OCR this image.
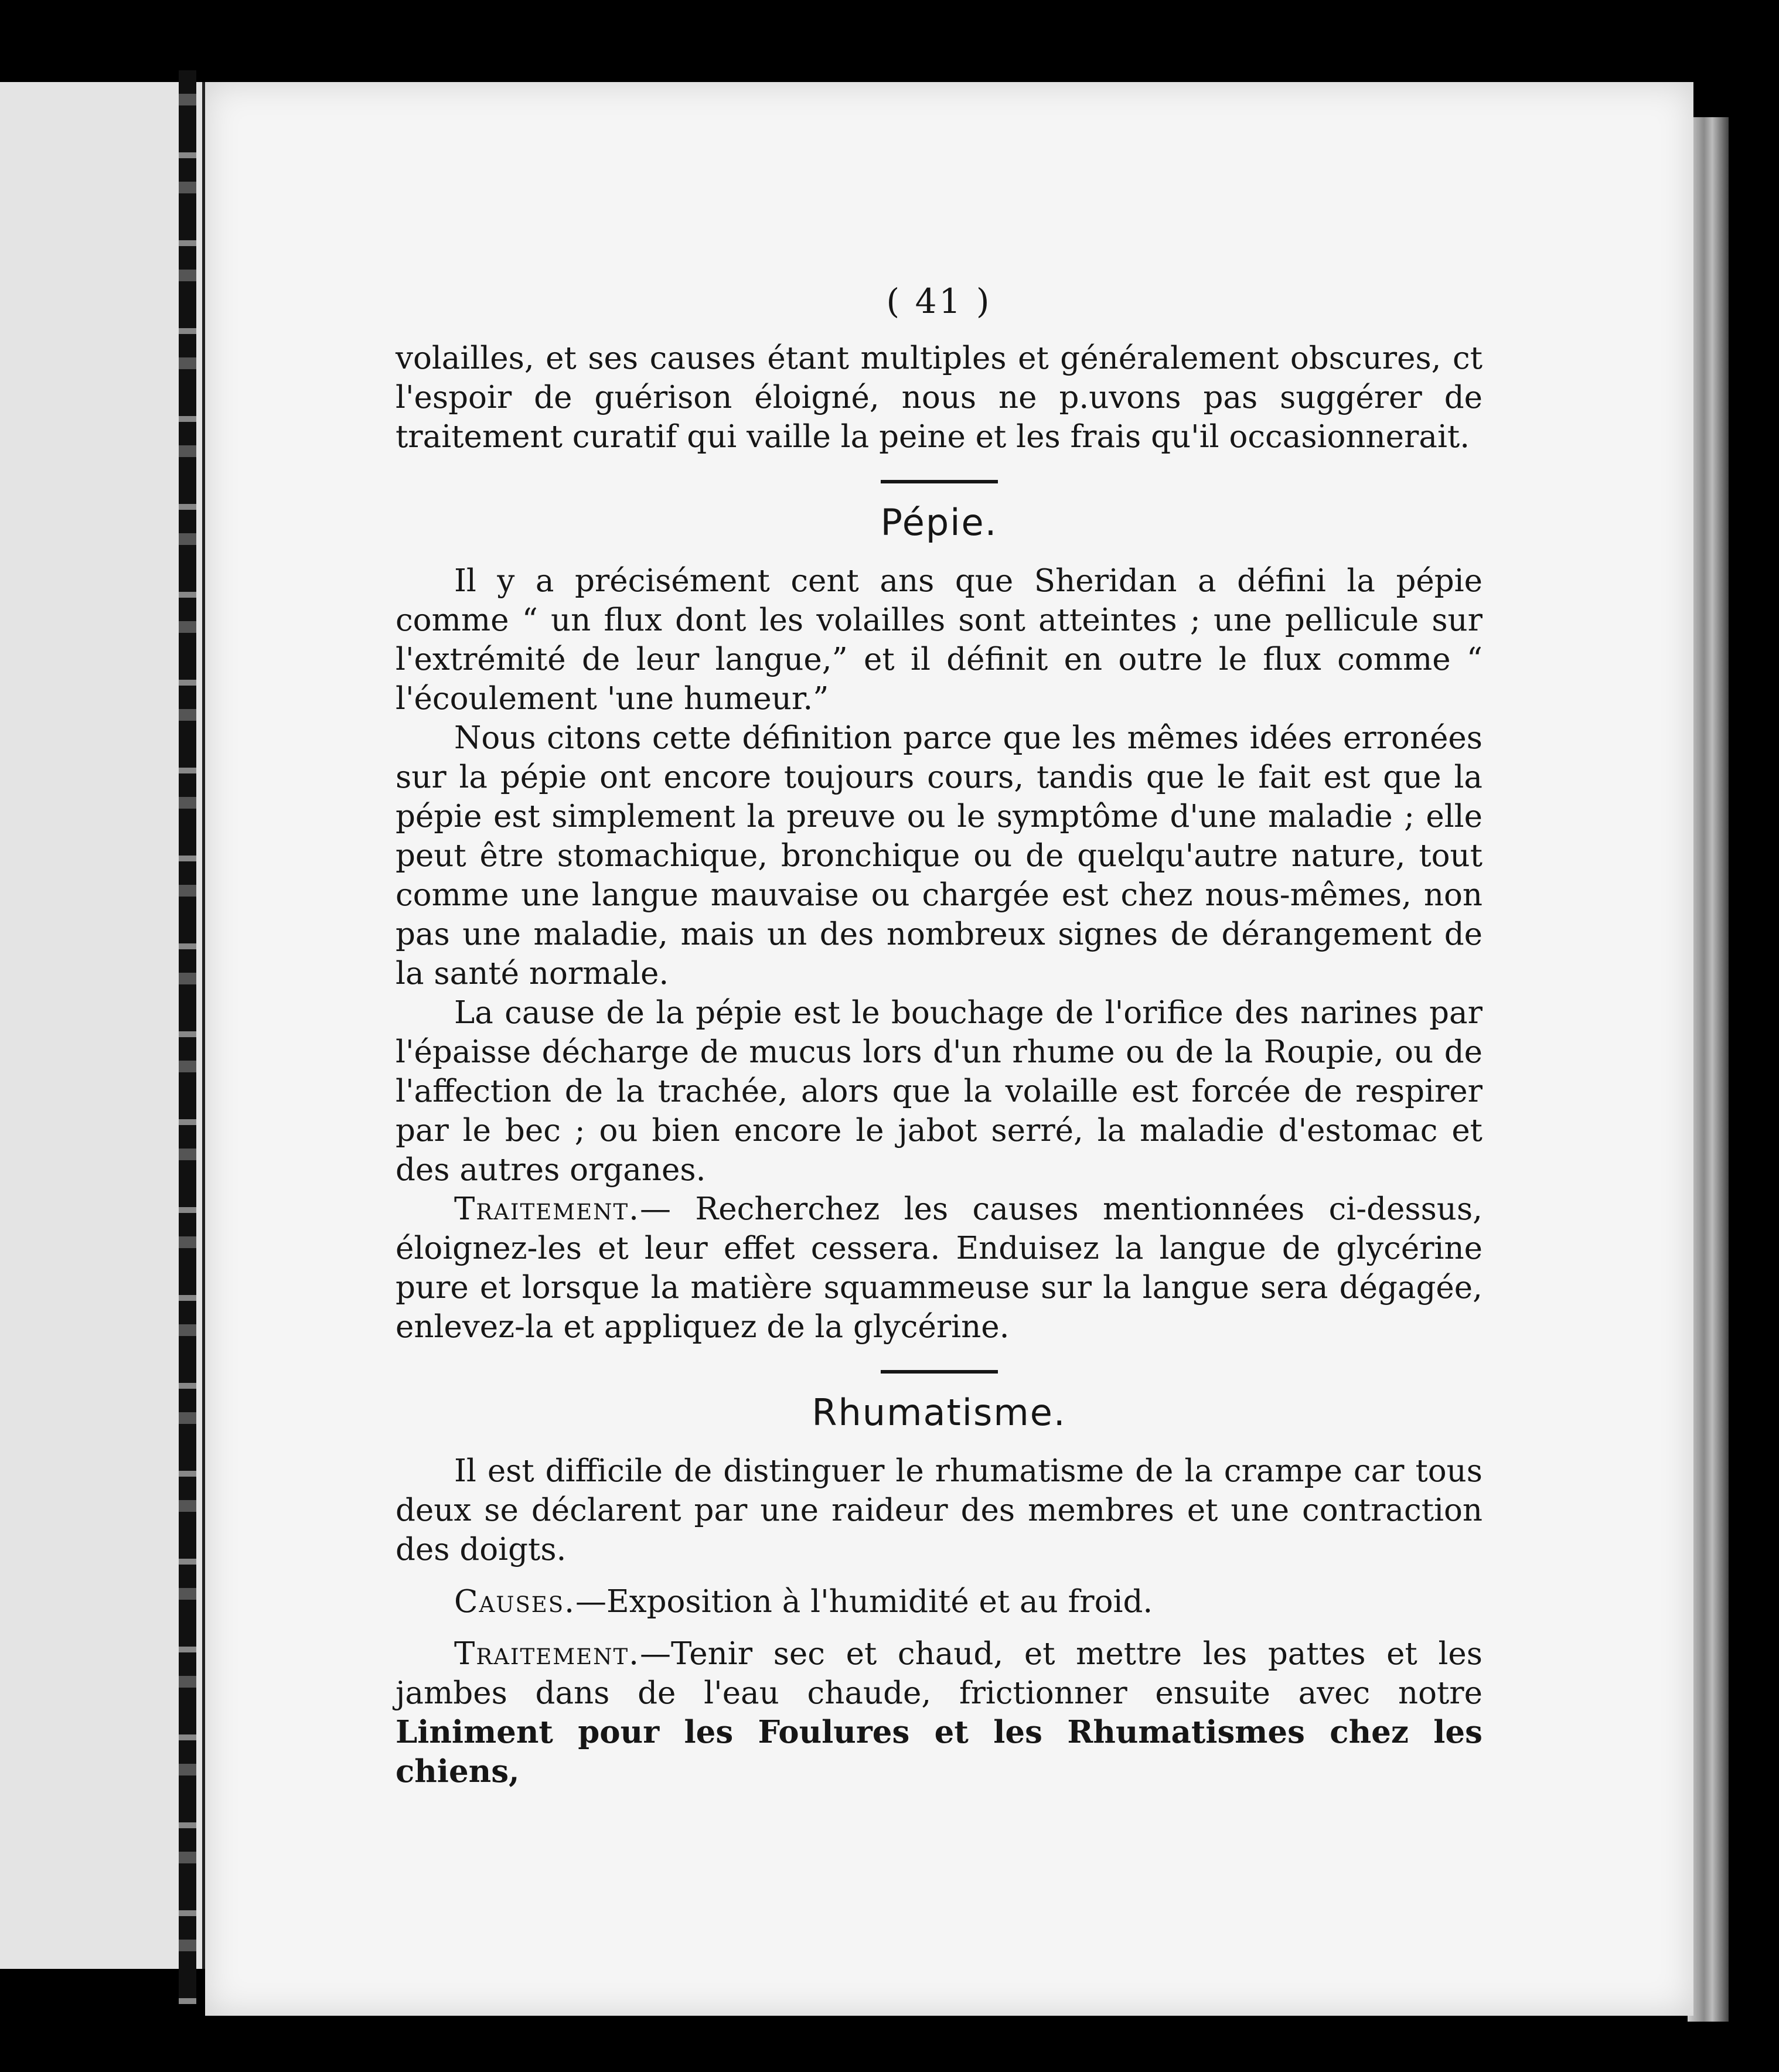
( 41 )

volailles, et ses causes étant multiples et généralement obscures, ct l'espoir de guérison éloigné, nous ne p.uvons pas suggérer de traitement curatif qui vaille la peine et les frais qu'il occasionnerait.

Pépie.

Il y a précisément cent ans que Sheridan a défini la pépie comme “ un flux dont les volailles sont atteintes ; une pellicule sur l'extrémité de leur langue,” et il définit en outre le flux comme “ l'écoulement 'une humeur.”

Nous citons cette définition parce que les mêmes idées erronées sur la pépie ont encore toujours cours, tandis que le fait est que la pépie est simplement la preuve ou le symptôme d'une maladie ; elle peut être stomachique, bronchique ou de quelqu'autre nature, tout comme une langue mauvaise ou chargée est chez nous-mêmes, non pas une maladie, mais un des nombreux signes de dérangement de la santé normale.

La cause de la pépie est le bouchage de l'orifice des narines par l'épaisse décharge de mucus lors d'un rhume ou de la Roupie, ou de l'affection de la trachée, alors que la volaille est forcée de respirer par le bec ; ou bien encore le jabot serré, la maladie d'estomac et des autres organes.

Traitement.— Recherchez les causes mentionnées ci-dessus, éloignez-les et leur effet cessera. Enduisez la langue de glycérine pure et lorsque la matière squammeuse sur la langue sera dégagée, enlevez-la et appliquez de la glycérine.

Rhumatisme.

Il est difficile de distinguer le rhumatisme de la crampe car tous deux se déclarent par une raideur des membres et une contraction des doigts.

Causes.—Exposition à l'humidité et au froid.

Traitement.—Tenir sec et chaud, et mettre les pattes et les jambes dans de l'eau chaude, frictionner ensuite avec notre Liniment pour les Foulures et les Rhumatismes chez les chiens,
